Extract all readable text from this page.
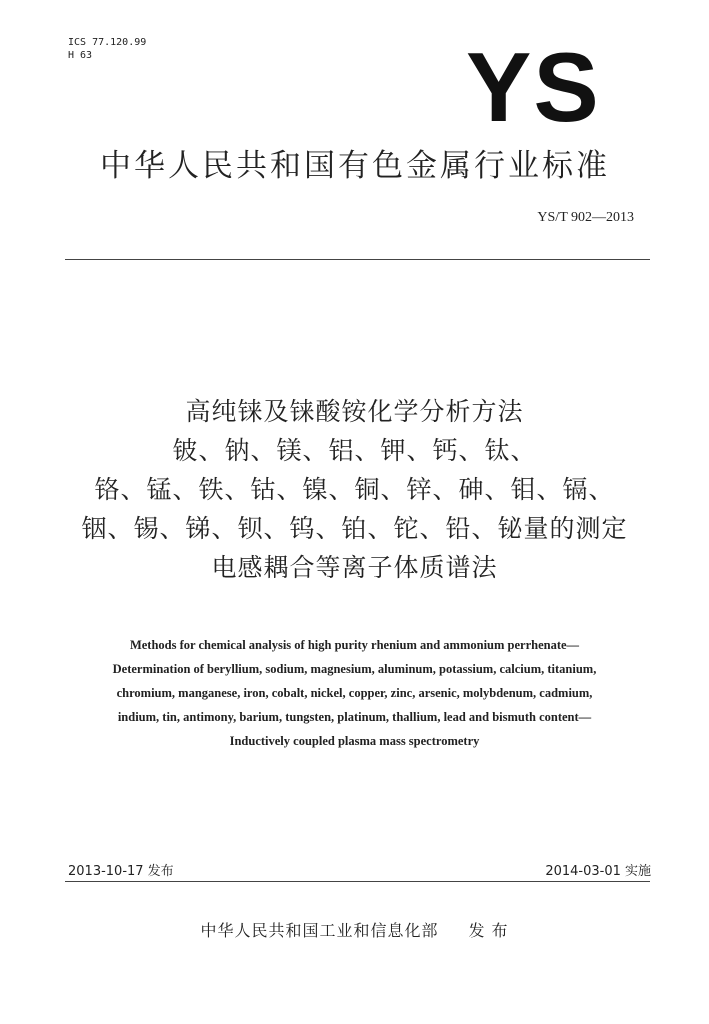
ICS 77.120.99
H 63	YS
中华人民共和国有色金属行业标准
YS/T 902—2013
高纯铼及铼酸铵化学分析方法
铍、钠、镁、铝、钾、钙、钛、
铬、锰、铁、钴、镍、铜、锌、砷、钼、镉、
铟、锡、锑、钡、钨、铂、铊、铅、铋量的测定
电感耦合等离子体质谱法
Methods for chemical analysis of high purity rhenium and ammonium perrhenate—
Determination of beryllium, sodium, magnesium, aluminum, potassium, calcium, titanium,
chromium, manganese, iron, cobalt, nickel, copper, zinc, arsenic, molybdenum, cadmium,
indium, tin, antimony, barium, tungsten, platinum, thallium, lead and bismuth content—
Inductively coupled plasma mass spectrometry
2013-10-17 发布	2014-03-01 实施
中华人民共和国工业和信息化部 发 布
